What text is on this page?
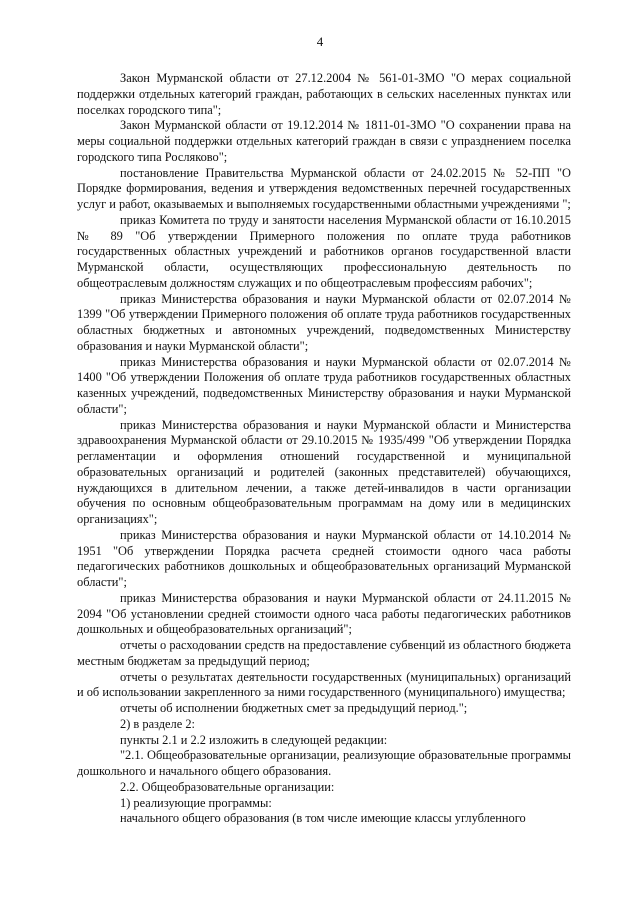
4

Закон Мурманской области от 27.12.2004 № 561-01-ЗМО "О мерах социальной поддержки отдельных категорий граждан, работающих в сельских населенных пунктах или поселках городского типа";

Закон Мурманской области от 19.12.2014 № 1811-01-ЗМО "О сохранении права на меры социальной поддержки отдельных категорий граждан в связи с упразднением поселка городского типа Росляково";

постановление Правительства Мурманской области от 24.02.2015 № 52-ПП "О Порядке формирования, ведения и утверждения ведомственных перечней государственных услуг и работ, оказываемых и выполняемых государственными областными учреждениями ";

приказ Комитета по труду и занятости населения Мурманской области от 16.10.2015 № 89 "Об утверждении Примерного положения по оплате труда работников государственных областных учреждений и работников органов государственной власти Мурманской области, осуществляющих профессиональную деятельность по общеотраслевым должностям служащих и по общеотраслевым профессиям рабочих";

приказ Министерства образования и науки Мурманской области от 02.07.2014 № 1399 "Об утверждении Примерного положения об оплате труда работников государственных областных бюджетных и автономных учреждений, подведомственных Министерству образования и науки Мурманской области";

приказ Министерства образования и науки Мурманской области от 02.07.2014 № 1400 "Об утверждении Положения об оплате труда работников государственных областных казенных учреждений, подведомственных Министерству образования и науки Мурманской области";

приказ Министерства образования и науки Мурманской области и Министерства здравоохранения Мурманской области от 29.10.2015 № 1935/499 "Об утверждении Порядка регламентации и оформления отношений государственной и муниципальной образовательных организаций и родителей (законных представителей) обучающихся, нуждающихся в длительном лечении, а также детей-инвалидов в части организации обучения по основным общеобразовательным программам на дому или в медицинских организациях";

приказ Министерства образования и науки Мурманской области от 14.10.2014 № 1951 "Об утверждении Порядка расчета средней стоимости одного часа работы педагогических работников дошкольных и общеобразовательных организаций Мурманской области";

приказ Министерства образования и науки Мурманской области от 24.11.2015 № 2094 "Об установлении средней стоимости одного часа работы педагогических работников дошкольных и общеобразовательных организаций";

отчеты о расходовании средств на предоставление субвенций из областного бюджета местным бюджетам за предыдущий период;

отчеты о результатах деятельности государственных (муниципальных) организаций и об использовании закрепленного за ними государственного (муниципального) имущества;

отчеты об исполнении бюджетных смет за предыдущий период.";

2) в разделе 2:

пункты 2.1 и 2.2 изложить в следующей редакции:

"2.1. Общеобразовательные организации, реализующие образовательные программы дошкольного и начального общего образования.

2.2. Общеобразовательные организации:

1) реализующие программы:

начального общего образования (в том числе имеющие классы углубленного
